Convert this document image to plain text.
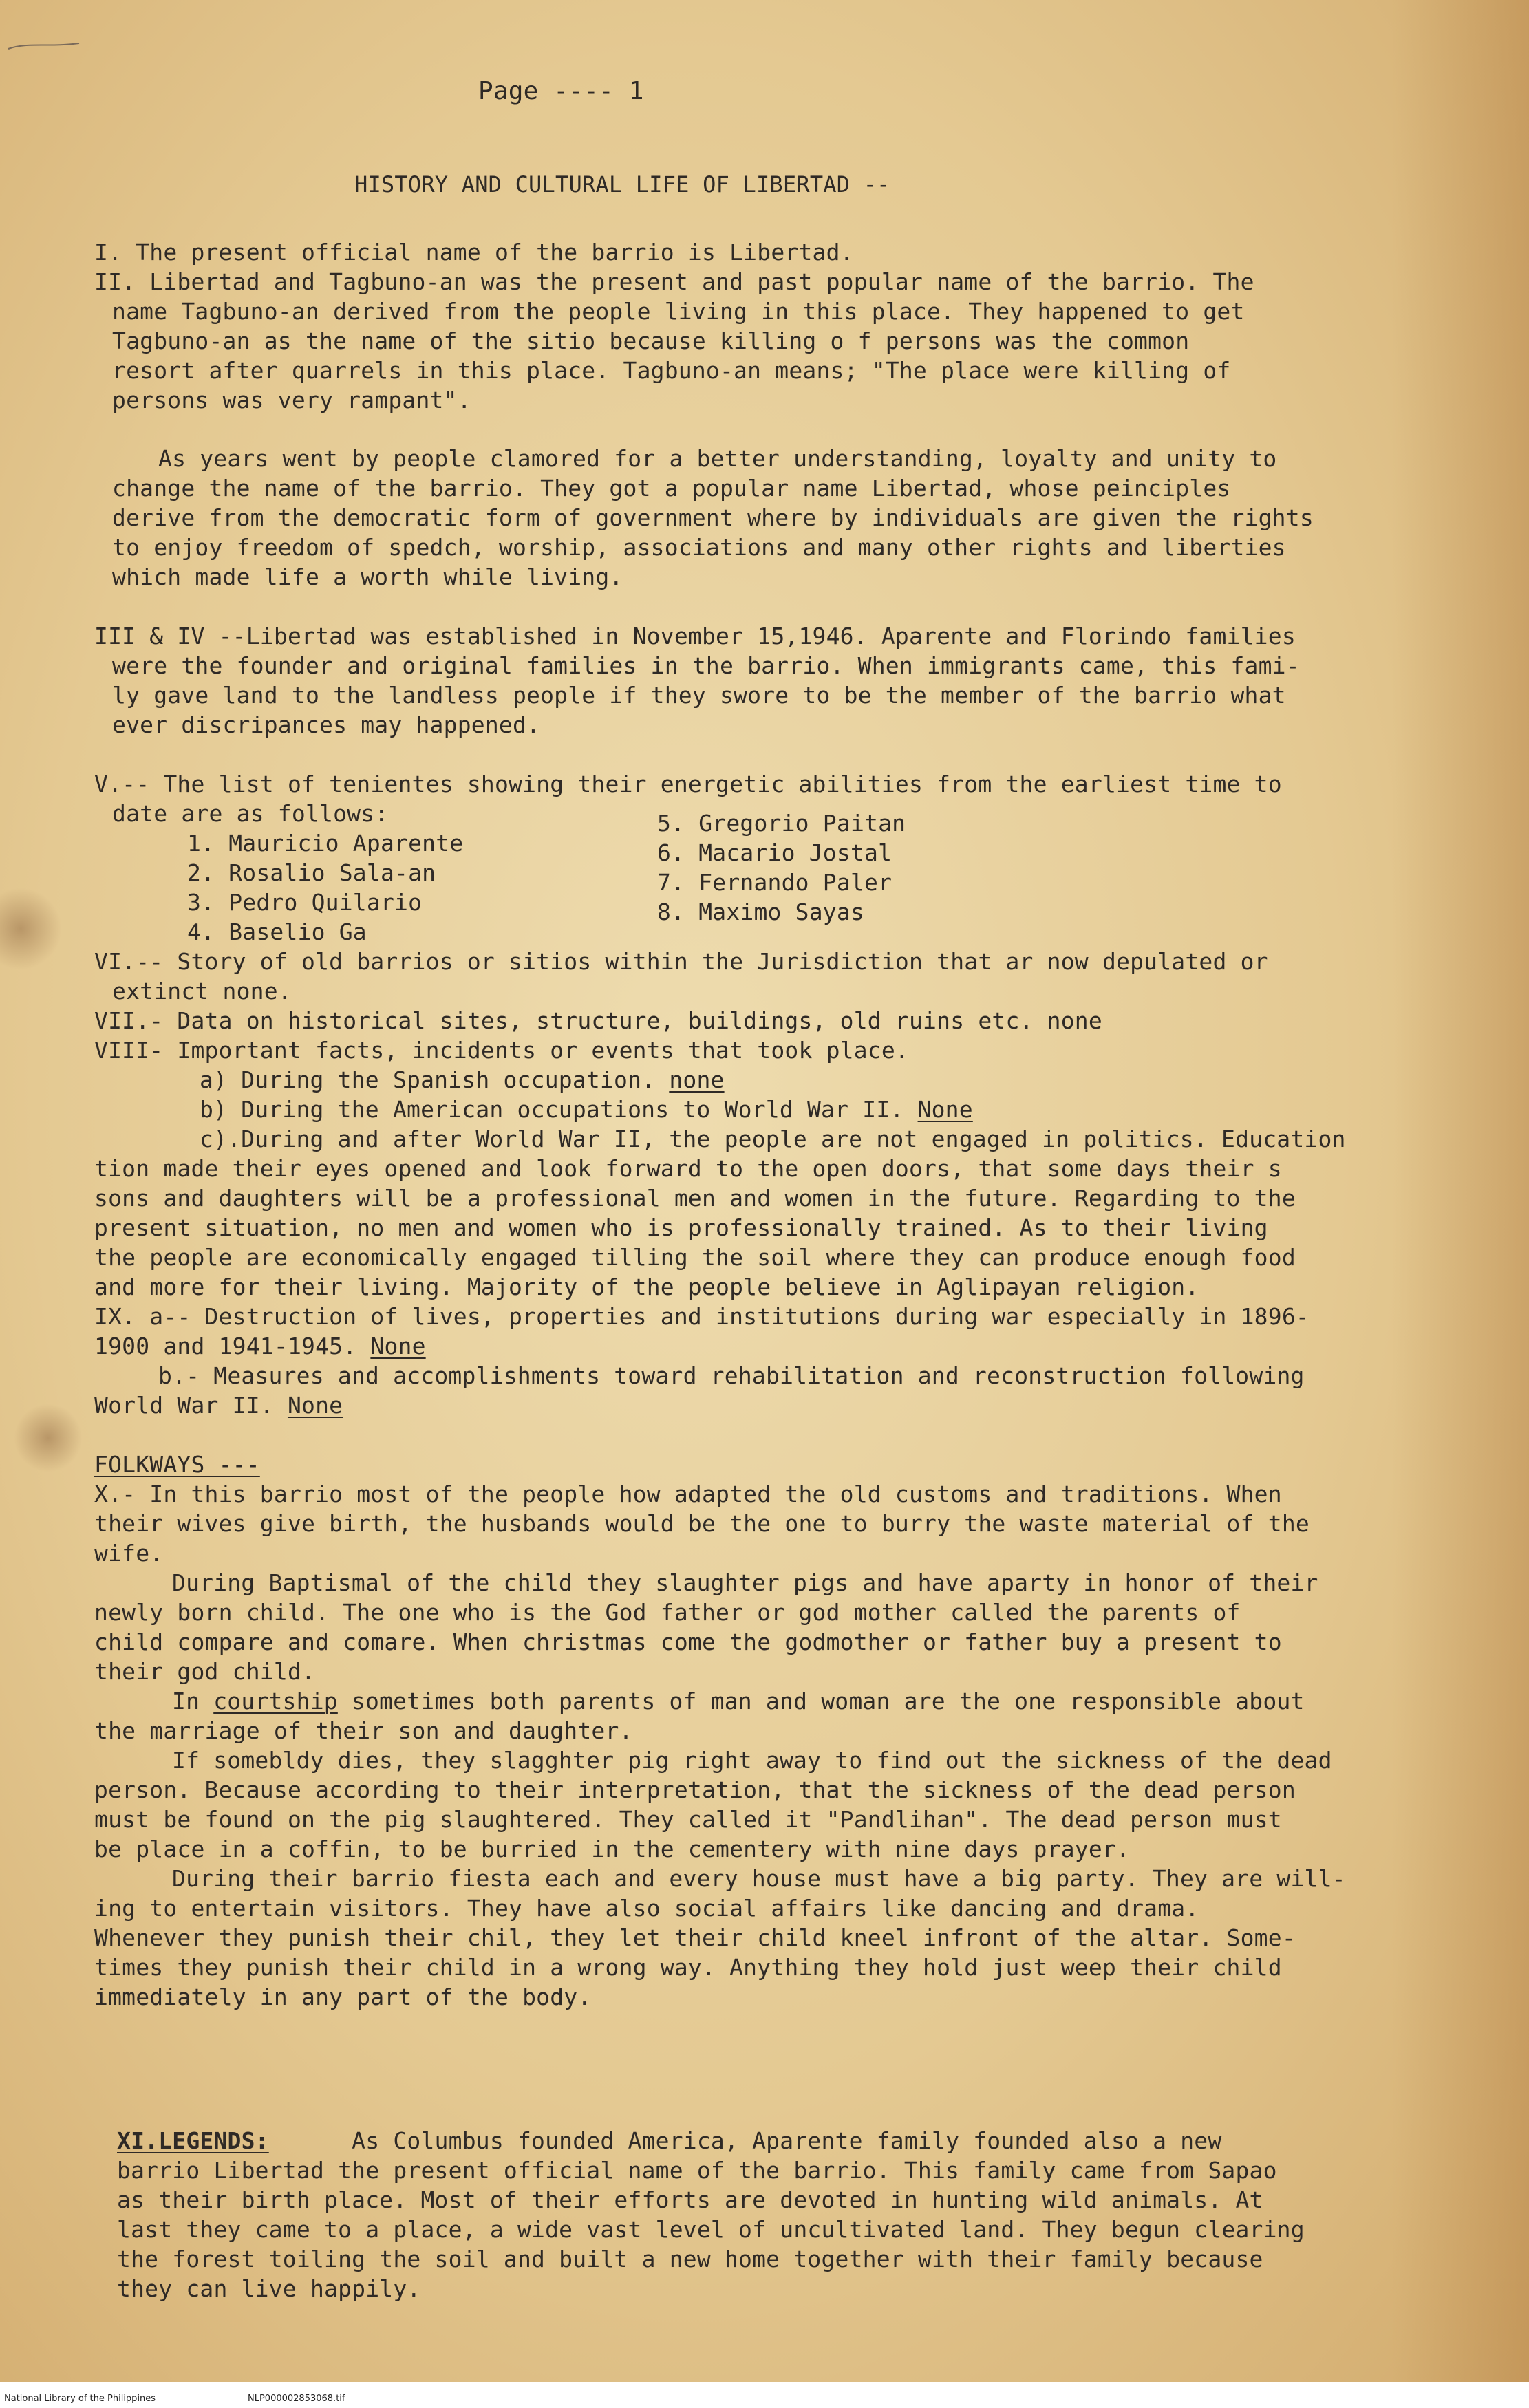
Page ---- 1
HISTORY AND CULTURAL LIFE OF LIBERTAD --
I. The present official name of the barrio is Libertad.
II. Libertad and Tagbuno-an was the present and past popular name of the barrio. The
name Tagbuno-an derived from the people living in this place. They happened to get
Tagbuno-an as the name of the sitio because killing o f persons was the common
resort after quarrels in this place. Tagbuno-an means; "The place were killing of
persons was very rampant".
As years went by people clamored for a better understanding, loyalty and unity to
change the name of the barrio. They got a popular name Libertad, whose peinciples
derive from the democratic form of government where by individuals are given the rights
to enjoy freedom of spedch, worship, associations and many other rights and liberties
which made life a worth while living.
III & IV --Libertad was established in November 15,1946. Aparente and Florindo families
were the founder and original families in the barrio. When immigrants came, this fami-
ly gave land to the landless people if they swore to be the member of the barrio what
ever discripances may happened.
V.-- The list of tenientes showing their energetic abilities from the earliest time to
date are as follows:
1. Mauricio Aparente
2. Rosalio Sala-an
3. Pedro Quilario
4. Baselio Ga
5. Gregorio Paitan
6. Macario Jostal
7. Fernando Paler
8. Maximo Sayas
VI.-- Story of old barrios or sitios within the Jurisdiction that ar now depulated or
extinct none.
VII.- Data on historical sites, structure, buildings, old ruins etc. none
VIII- Important facts, incidents or events that took place.
a) During the Spanish occupation. none
b) During the American occupations to World War II. None
c).During and after World War II, the people are not engaged in politics. Education
tion made their eyes opened and look forward to the open doors, that some days their s
sons and daughters will be a professional men and women in the future. Regarding to the
present situation, no men and women who is professionally trained. As to their living
the people are economically engaged tilling the soil where they can produce enough food
and more for their living. Majority of the people believe in Aglipayan religion.
IX. a-- Destruction of lives, properties and institutions during war especially in 1896-
1900 and 1941-1945. None
b.- Measures and accomplishments toward rehabilitation and reconstruction following
World War II. None
FOLKWAYS ---
X.- In this barrio most of the people how adapted the old customs and traditions. When
their wives give birth, the husbands would be the one to burry the waste material of the
wife.
During Baptismal of the child they slaughter pigs and have aparty in honor of their
newly born child. The one who is the God father or god mother called the parents of
child compare and comare. When christmas come the godmother or father buy a present to
their god child.
In courtship sometimes both parents of man and woman are the one responsible about
the marriage of their son and daughter.
If somebldy dies, they slagghter pig right away to find out the sickness of the dead
person. Because according to their interpretation, that the sickness of the dead person
must be found on the pig slaughtered. They called it "Pandlihan". The dead person must
be place in a coffin, to be burried in the cementery with nine days prayer.
During their barrio fiesta each and every house must have a big party. They are will-
ing to entertain visitors. They have also social affairs like dancing and drama.
Whenever they punish their chil, they let their child kneel infront of the altar. Some-
times they punish their child in a wrong way. Anything they hold just weep their child
immediately in any part of the body.
XI.LEGENDS:	As Columbus founded America, Aparente family founded also a new
barrio Libertad the present official name of the barrio. This family came from Sapao
as their birth place. Most of their efforts are devoted in hunting wild animals. At
last they came to a place, a wide vast level of uncultivated land. They begun clearing
the forest toiling the soil and built a new home together with their family because
they can live happily.
National Library of the Philippines	NLP000002853068.tif
